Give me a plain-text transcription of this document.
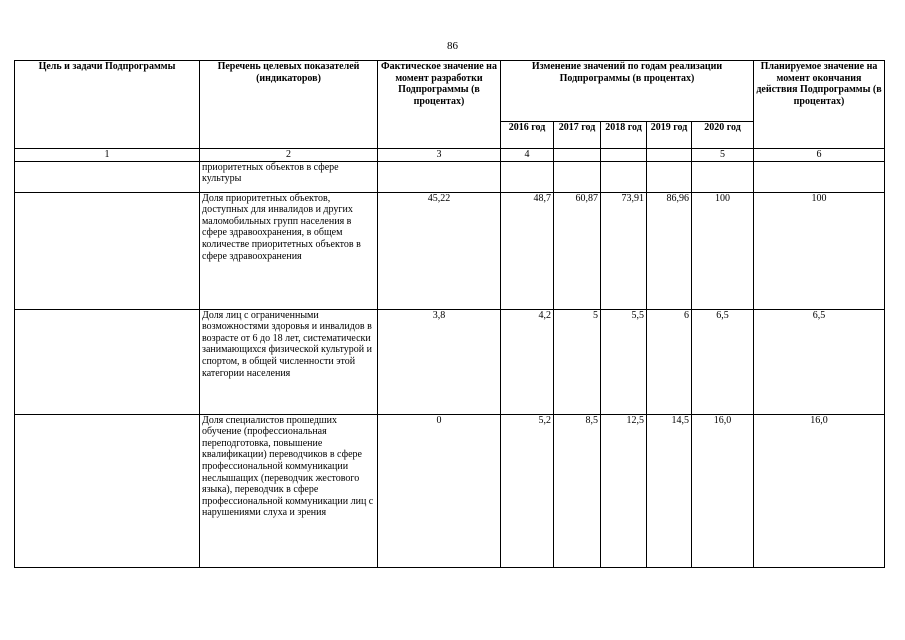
86
Цель и задачи Подпрограммы	Перечень целевых показателей (индикаторов)	Фактическое значение на момент разработки Подпрограммы (в процентах)	Изменение значений по годам реализации Подпрограммы (в процентах)					Планируемое значение на момент окончания действия Подпрограммы (в процентах)
			2016 год	2017 год	2018 год	2019 год	2020 год	
1	2	3	4				5	6
	приоритетных объектов в сфере культуры							
	Доля приоритетных объектов, доступных для инвалидов и других маломобильных групп населения в сфере здравоохранения, в общем количестве приоритетных объектов в сфере здравоохранения	45,22	48,7	60,87	73,91	86,96	100	100
	Доля лиц с ограниченными возможностями здоровья и инвалидов в возрасте от 6 до 18 лет, систематически занимающихся физической культурой и спортом, в общей численности этой категории населения	3,8	4,2	5	5,5	6	6,5	6,5
	Доля специалистов прошедших обучение (профессиональная переподготовка, повышение квалификации) переводчиков в сфере профессиональной коммуникации неслышащих (переводчик жестового языка), переводчик в сфере профессиональной коммуникации лиц с нарушениями слуха и зрения	0	5,2	8,5	12,5	14,5	16,0	16,0
